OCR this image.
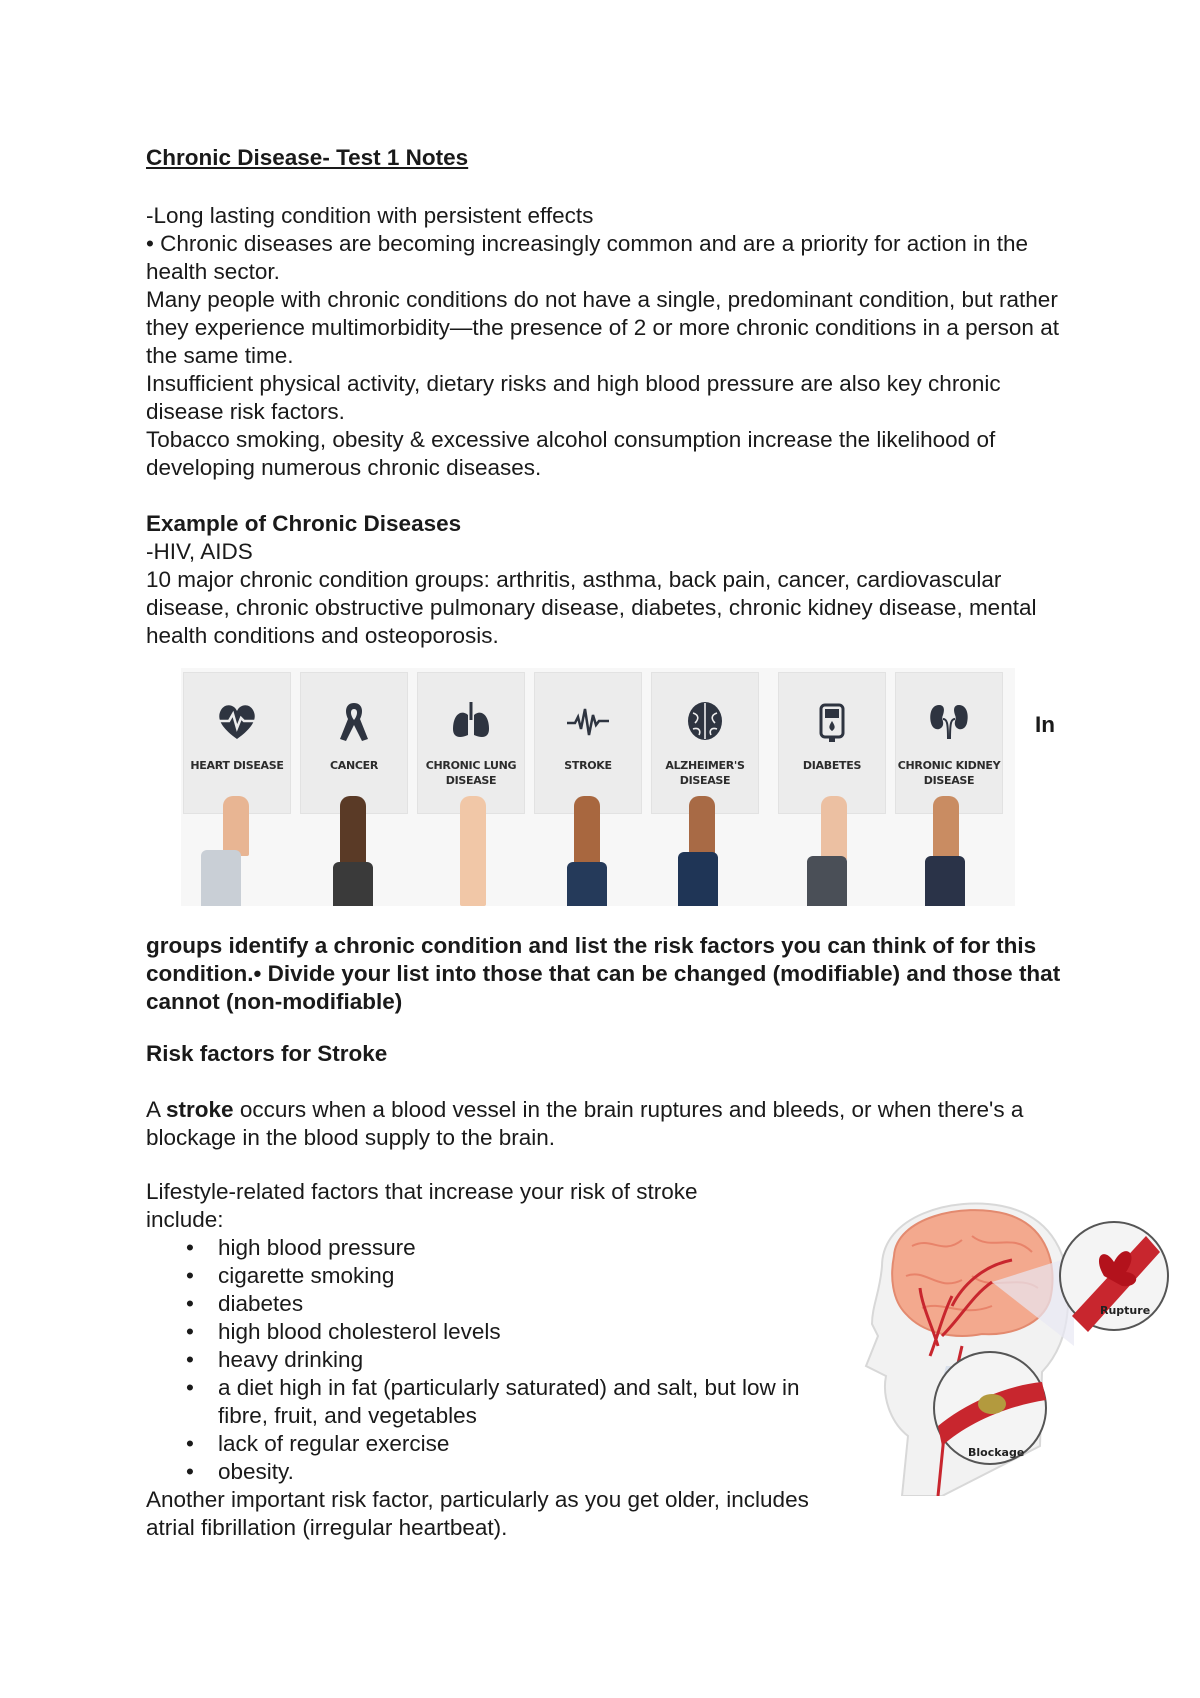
Chronic Disease- Test 1 Notes

-Long lasting condition with persistent effects

• Chronic diseases are becoming increasingly common and are a priority for action in the health sector.

Many people with chronic conditions do not have a single, predominant condition, but rather they experience multimorbidity—the presence of 2 or more chronic conditions in a person at the same time.

Insufficient physical activity, dietary risks and high blood pressure are also key chronic disease risk factors.

Tobacco smoking, obesity & excessive alcohol consumption increase the likelihood of developing numerous chronic diseases.

Example of Chronic Diseases

-HIV, AIDS

10 major chronic condition groups: arthritis, asthma, back pain, cancer, cardiovascular disease, chronic obstructive pulmonary disease, diabetes, chronic kidney disease, mental health conditions and osteoporosis.

HEART DISEASE	CANCER	CHRONIC LUNG DISEASE
STROKE	ALZHEIMER'S DISEASE
DIABETES	CHRONIC KIDNEY DISEASE
In

groups identify a chronic condition and list the risk factors you can think of for this condition.• Divide your list into those that can be changed (modifiable) and those that cannot (non-modifiable)

Risk factors for Stroke

A stroke occurs when a blood vessel in the brain ruptures and bleeds, or when there's a blockage in the blood supply to the brain.

Lifestyle-related factors that increase your risk of stroke include:

• high blood pressure
• cigarette smoking
• diabetes
• high blood cholesterol levels
• heavy drinking
• a diet high in fat (particularly saturated) and salt, but low in fibre, fruit, and vegetables
• lack of regular exercise
• obesity.

Another important risk factor, particularly as you get older, includes atrial fibrillation (irregular heartbeat).

Rupture
Blockage
